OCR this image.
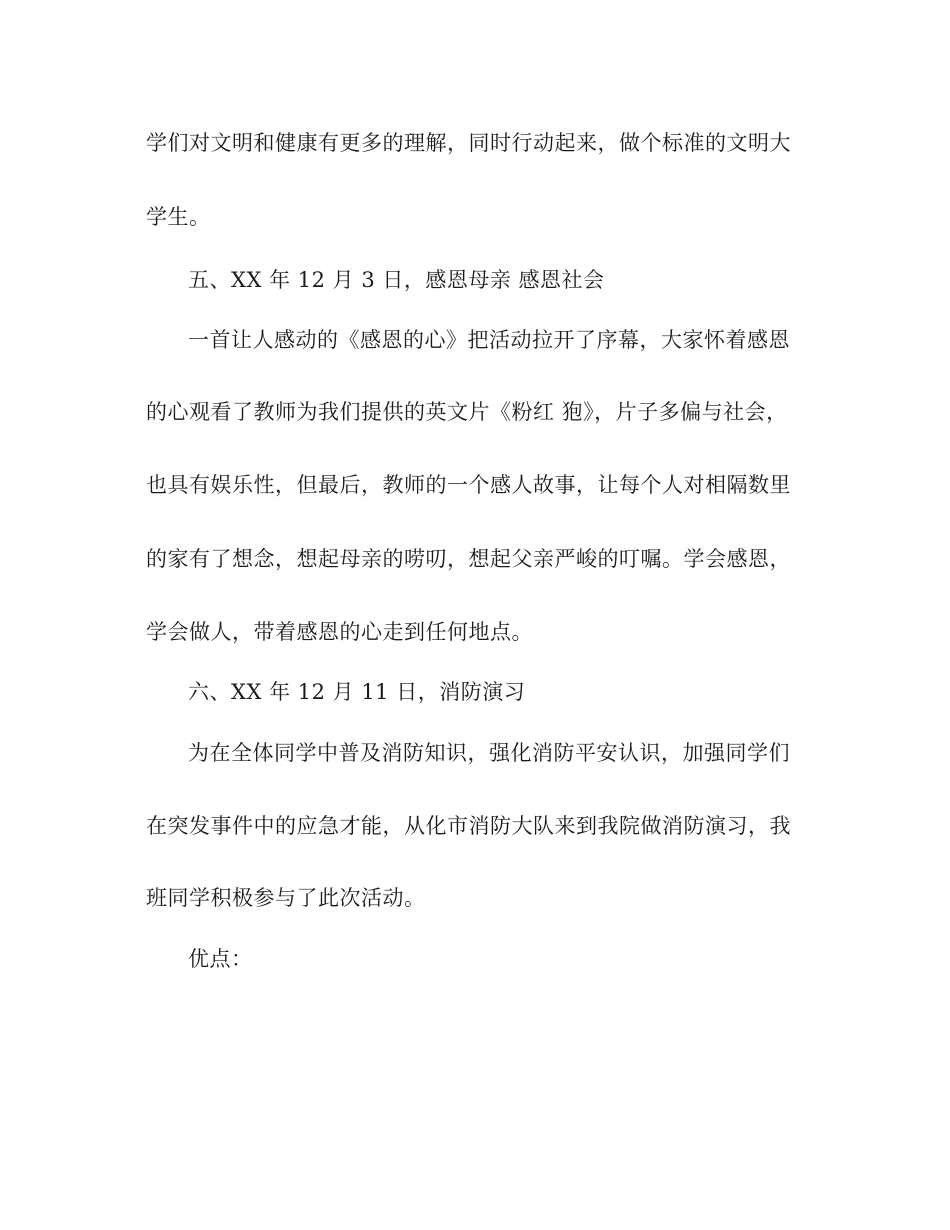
学们对文明和健康有更多的理解，同时行动起来，做个标准的文明大
学生。
五、XX 年 12 月 3 日，感恩母亲 感恩社会
一首让人感动的《感恩的心》把活动拉开了序幕，大家怀着感恩
的心观看了教师为我们提供的英文片《粉红 狍》，片子多偏与社会，
也具有娱乐性，但最后，教师的一个感人故事，让每个人对相隔数里
的家有了想念，想起母亲的唠叨，想起父亲严峻的叮嘱。学会感恩，
学会做人，带着感恩的心走到任何地点。
六、XX 年 12 月 11 日，消防演习
为在全体同学中普及消防知识，强化消防平安认识，加强同学们
在突发事件中的应急才能，从化市消防大队来到我院做消防演习，我
班同学积极参与了此次活动。
优点：
